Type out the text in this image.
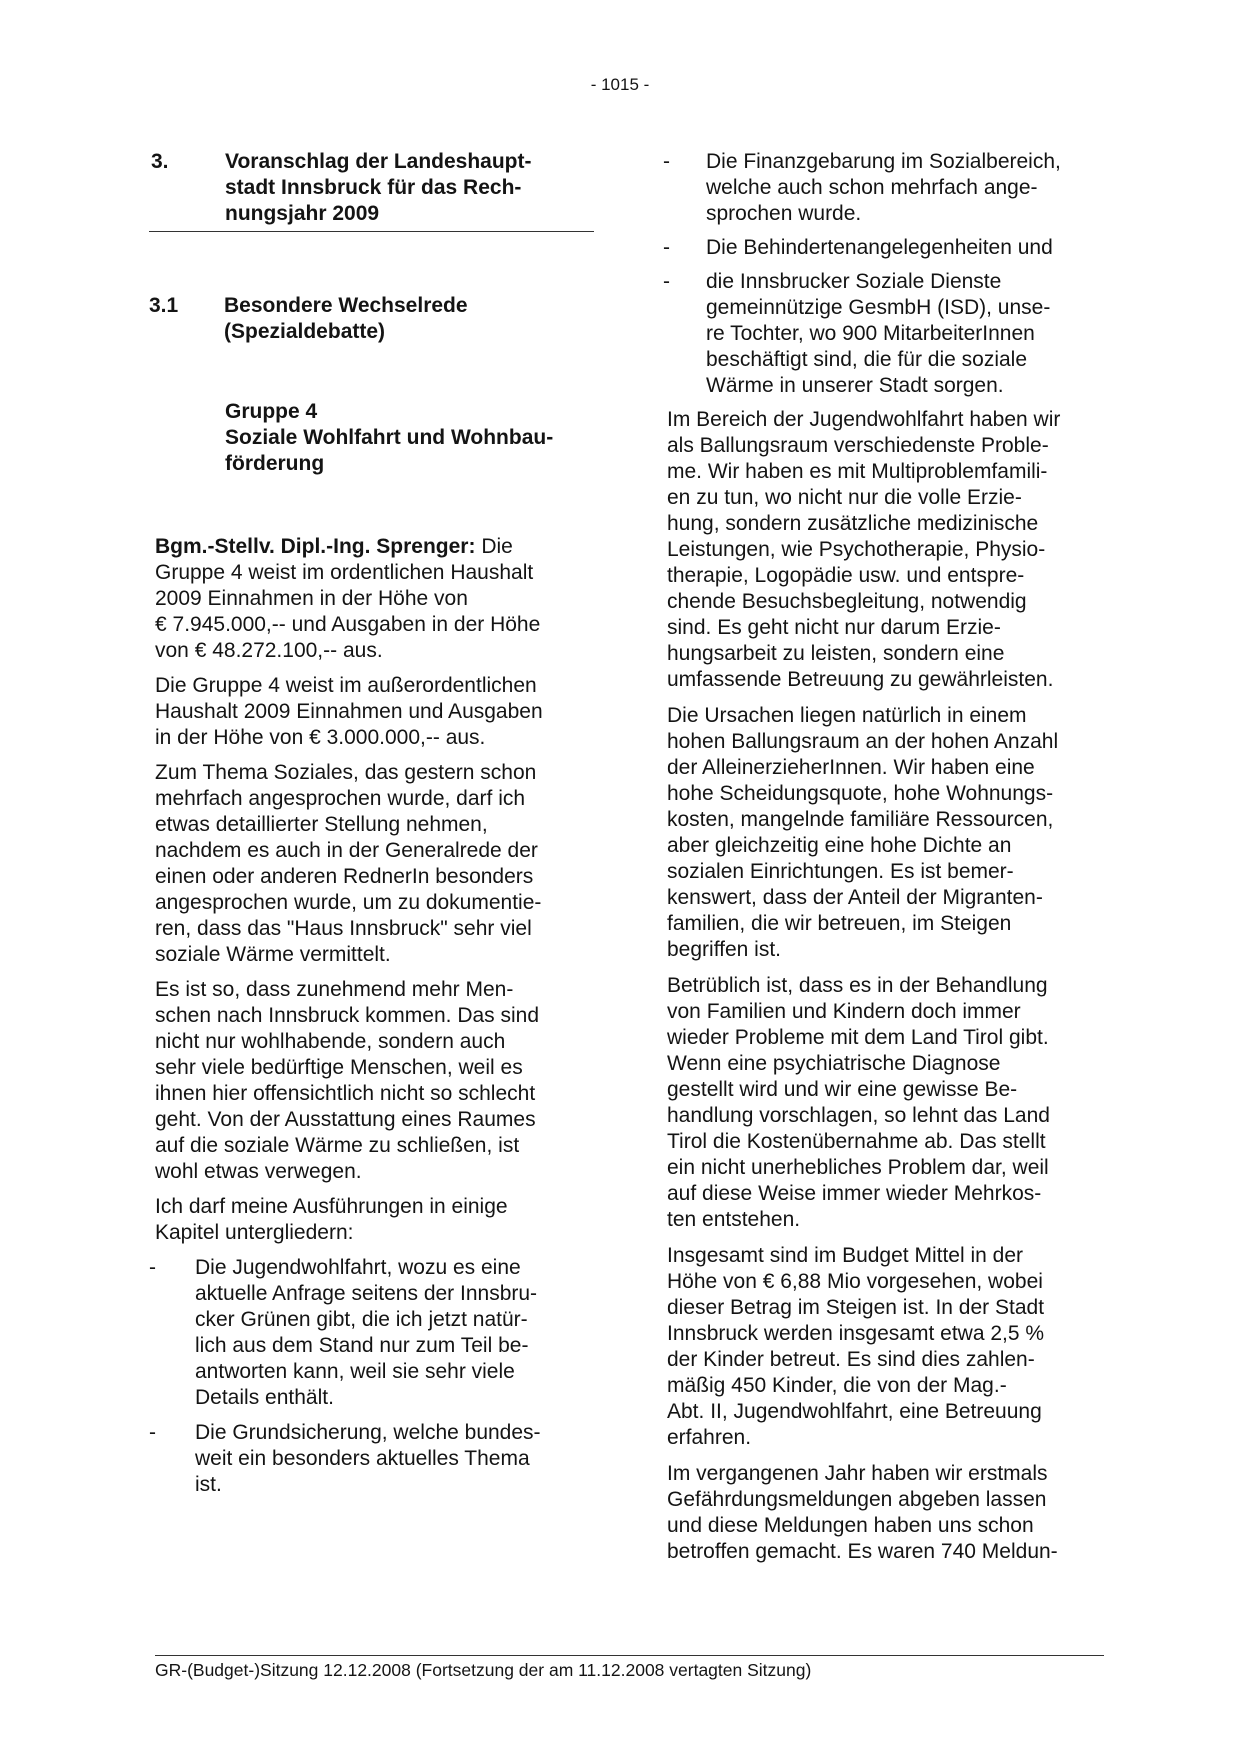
- 1015 -
3.	Voranschlag der Landeshaupt-
stadt Innsbruck für das Rech-
nungsjahr 2009
3.1	Besondere Wechselrede
(Spezialdebatte)
Gruppe 4
Soziale Wohlfahrt und Wohnbau-
förderung

Bgm.-Stellv. Dipl.-Ing. Sprenger: Die
Gruppe 4 weist im ordentlichen Haushalt
2009 Einnahmen in der Höhe von
€ 7.945.000,-- und Ausgaben in der Höhe
von € 48.272.100,-- aus.

Die Gruppe 4 weist im außerordentlichen
Haushalt 2009 Einnahmen und Ausgaben
in der Höhe von € 3.000.000,-- aus.

Zum Thema Soziales, das gestern schon
mehrfach angesprochen wurde, darf ich
etwas detaillierter Stellung nehmen,
nachdem es auch in der Generalrede der
einen oder anderen RednerIn besonders
angesprochen wurde, um zu dokumentie-
ren, dass das "Haus Innsbruck" sehr viel
soziale Wärme vermittelt.

Es ist so, dass zunehmend mehr Men-
schen nach Innsbruck kommen. Das sind
nicht nur wohlhabende, sondern auch
sehr viele bedürftige Menschen, weil es
ihnen hier offensichtlich nicht so schlecht
geht. Von der Ausstattung eines Raumes
auf die soziale Wärme zu schließen, ist
wohl etwas verwegen.

Ich darf meine Ausführungen in einige
Kapitel untergliedern:

-	Die Jugendwohlfahrt, wozu es eine
aktuelle Anfrage seitens der Innsbru-
cker Grünen gibt, die ich jetzt natür-
lich aus dem Stand nur zum Teil be-
antworten kann, weil sie sehr viele
Details enthält.
-	Die Grundsicherung, welche bundes-
weit ein besonders aktuelles Thema
ist.
-	Die Finanzgebarung im Sozialbereich,
welche auch schon mehrfach ange-
sprochen wurde.
-	Die Behindertenangelegenheiten und
-	die Innsbrucker Soziale Dienste
gemeinnützige GesmbH (ISD), unse-
re Tochter, wo 900 MitarbeiterInnen
beschäftigt sind, die für die soziale
Wärme in unserer Stadt sorgen.

Im Bereich der Jugendwohlfahrt haben wir
als Ballungsraum verschiedenste Proble-
me. Wir haben es mit Multiproblemfamili-
en zu tun, wo nicht nur die volle Erzie-
hung, sondern zusätzliche medizinische
Leistungen, wie Psychotherapie, Physio-
therapie, Logopädie usw. und entspre-
chende Besuchsbegleitung, notwendig
sind. Es geht nicht nur darum Erzie-
hungsarbeit zu leisten, sondern eine
umfassende Betreuung zu gewährleisten.

Die Ursachen liegen natürlich in einem
hohen Ballungsraum an der hohen Anzahl
der AlleinerzieherInnen. Wir haben eine
hohe Scheidungsquote, hohe Wohnungs-
kosten, mangelnde familiäre Ressourcen,
aber gleichzeitig eine hohe Dichte an
sozialen Einrichtungen. Es ist bemer-
kenswert, dass der Anteil der Migranten-
familien, die wir betreuen, im Steigen
begriffen ist.

Betrüblich ist, dass es in der Behandlung
von Familien und Kindern doch immer
wieder Probleme mit dem Land Tirol gibt.
Wenn eine psychiatrische Diagnose
gestellt wird und wir eine gewisse Be-
handlung vorschlagen, so lehnt das Land
Tirol die Kostenübernahme ab. Das stellt
ein nicht unerhebliches Problem dar, weil
auf diese Weise immer wieder Mehrkos-
ten entstehen.

Insgesamt sind im Budget Mittel in der
Höhe von € 6,88 Mio vorgesehen, wobei
dieser Betrag im Steigen ist. In der Stadt
Innsbruck werden insgesamt etwa 2,5 %
der Kinder betreut. Es sind dies zahlen-
mäßig 450 Kinder, die von der Mag.-
Abt. II, Jugendwohlfahrt, eine Betreuung
erfahren.

Im vergangenen Jahr haben wir erstmals
Gefährdungsmeldungen abgeben lassen
und diese Meldungen haben uns schon
betroffen gemacht. Es waren 740 Meldun-

GR-(Budget-)Sitzung 12.12.2008 (Fortsetzung der am 11.12.2008 vertagten Sitzung)
